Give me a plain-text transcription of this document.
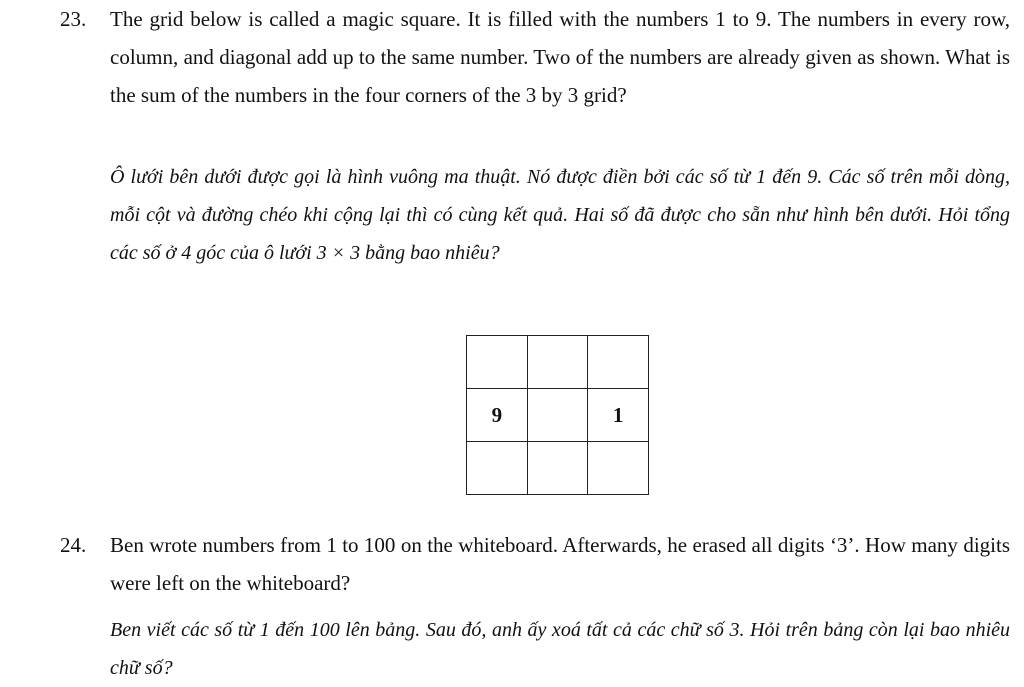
23. The grid below is called a magic square. It is filled with the numbers 1 to 9. The numbers in every row, column, and diagonal add up to the same number. Two of the numbers are already given as shown. What is the sum of the numbers in the four corners of the 3 by 3 grid?

Ô lưới bên dưới được gọi là hình vuông ma thuật. Nó được điền bởi các số từ 1 đến 9. Các số trên mỗi dòng, mỗi cột và đường chéo khi cộng lại thì có cùng kết quả. Hai số đã được cho sẵn như hình bên dưới. Hỏi tổng các số ở 4 góc của ô lưới 3 × 3 bằng bao nhiêu?

9		1

24. Ben wrote numbers from 1 to 100 on the whiteboard. Afterwards, he erased all digits ‘3’. How many digits were left on the whiteboard?

Ben viết các số từ 1 đến 100 lên bảng. Sau đó, anh ấy xoá tất cả các chữ số 3. Hỏi trên bảng còn lại bao nhiêu chữ số?
